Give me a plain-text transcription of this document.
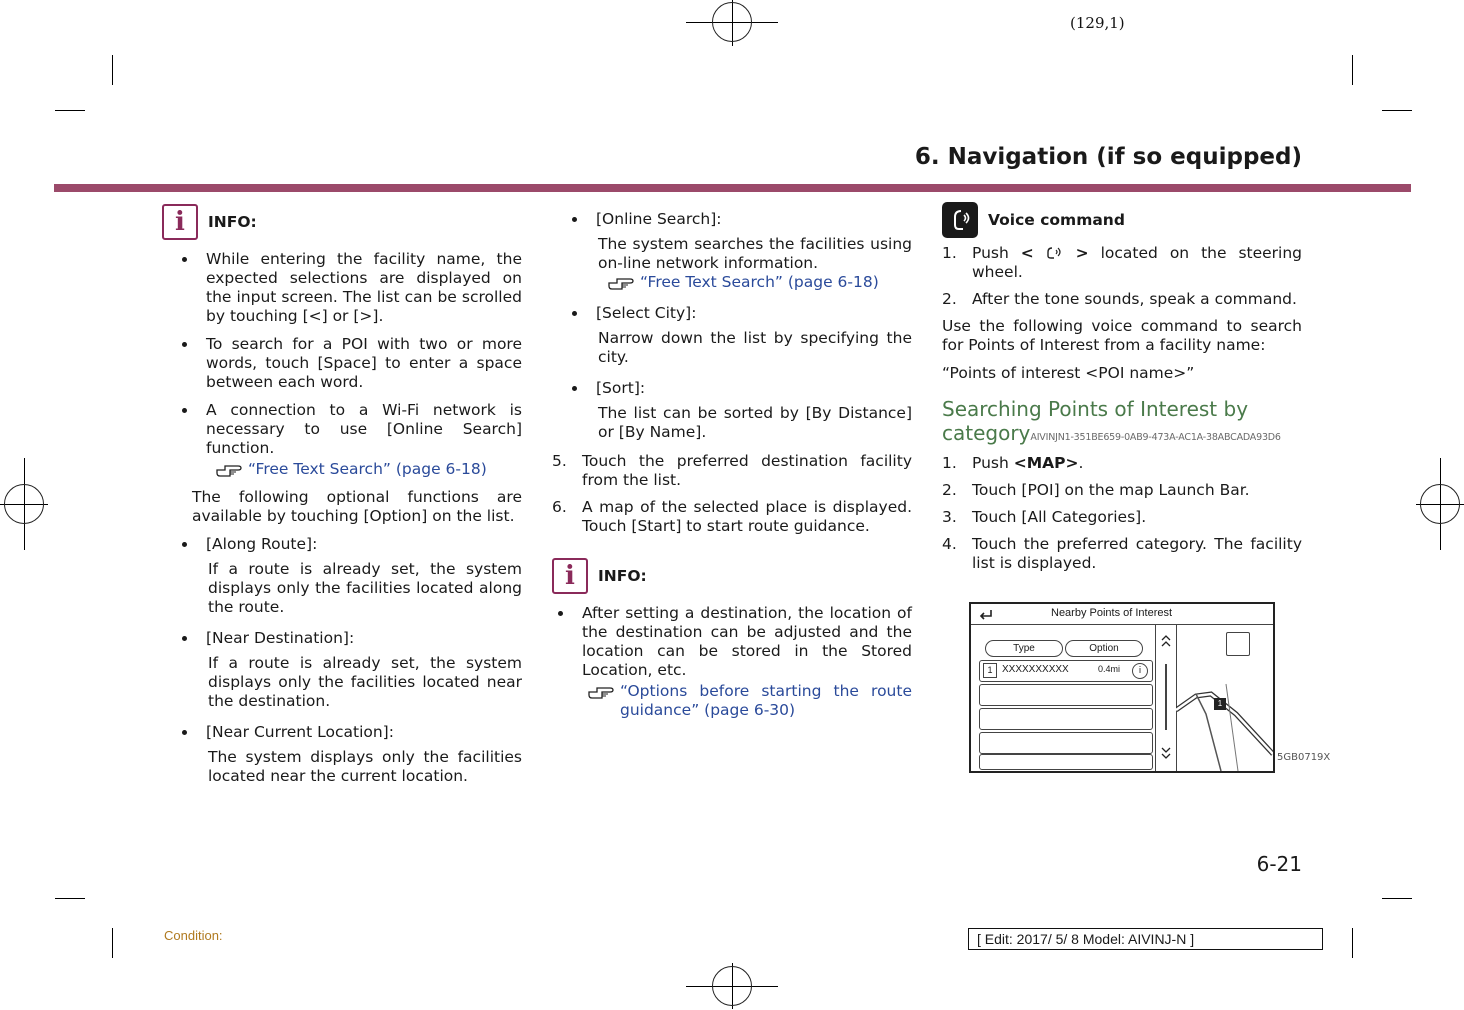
(129,1)
6. Navigation (if so equipped)
i	INFO:
While entering the facility name, the expected selections are displayed on the input screen. The list can be scrolled by touching [<] or [>].
To search for a POI with two or more words, touch [Space] to enter a space between each word.
A connection to a Wi-Fi network is necessary to use [Online Search] function.
“Free Text Search” (page 6-18)

The following optional functions are available by touching [Option] on the list.

[Along Route]:
If a route is already set, the system displays only the facilities located along the route.
[Near Destination]:
If a route is already set, the system displays only the facilities located near the destination.
[Near Current Location]:
The system displays only the facilities located near the current location.
[Online Search]:
The system searches the facilities using on-line network information.
“Free Text Search” (page 6-18)
[Select City]:
Narrow down the list by specifying the city.
[Sort]:
The list can be sorted by [By Distance] or [By Name].
5. Touch the preferred destination facility from the list.
6. A map of the selected place is displayed. Touch [Start] to start route guidance.
i	INFO:
After setting a destination, the location of the destination can be adjusted and the location can be stored in the Stored Location, etc.
“Options before starting the route guidance” (page 6-30)
Voice command
1. Push <	> located on the steering wheel.
2. After the tone sounds, speak a command.

Use the following voice command to search for Points of Interest from a facility name:

“Points of interest <POI name>”

Searching Points of Interest by categoryAIVINJN1-351BE659-0AB9-473A-AC1A-38ABCADA93D6
1. Push <MAP>.
2. Touch [POI] on the map Launch Bar.
3. Touch [All Categories].
4. Touch the preferred category. The facility list is displayed.
Nearby Points of Interest
Type	Option
1 XXXXXXXXXX	0.4mi	i
1
5GB0719X
6-21
Condition:	[ Edit: 2017/ 5/ 8 Model: AIVINJ-N ]
